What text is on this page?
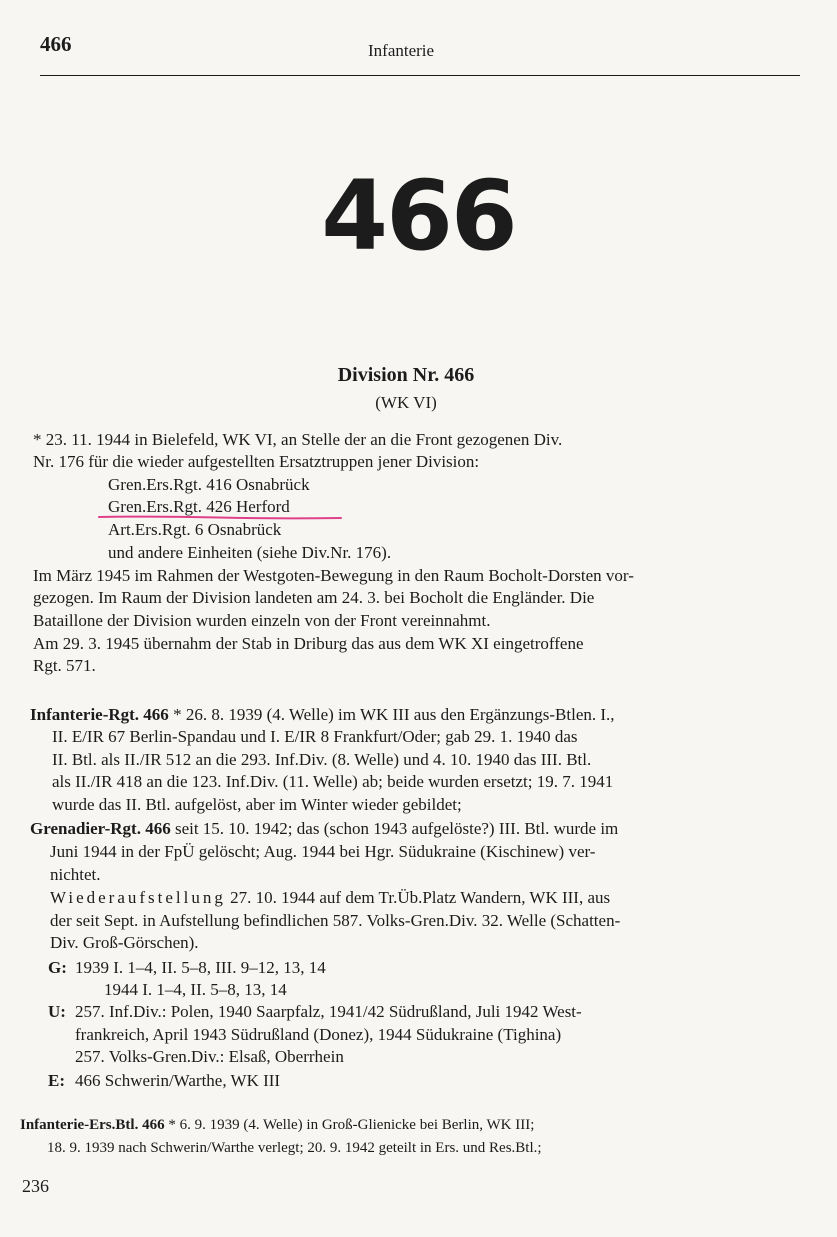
466	Infanterie
466
Division Nr. 466
(WK VI)
* 23. 11. 1944 in Bielefeld, WK VI, an Stelle der an die Front gezogenen Div.
Nr. 176 für die wieder aufgestellten Ersatztruppen jener Division:
Gren.Ers.Rgt. 416 Osnabrück
Gren.Ers.Rgt. 426 Herford
Art.Ers.Rgt. 6 Osnabrück
und andere Einheiten (siehe Div.Nr. 176).
Im März 1945 im Rahmen der Westgoten-Bewegung in den Raum Bocholt-Dorsten vor-
gezogen. Im Raum der Division landeten am 24. 3. bei Bocholt die Engländer. Die
Bataillone der Division wurden einzeln von der Front vereinnahmt.
Am 29. 3. 1945 übernahm der Stab in Driburg das aus dem WK XI eingetroffene
Rgt. 571.
Infanterie-Rgt. 466 * 26. 8. 1939 (4. Welle) im WK III aus den Ergänzungs-Btlen. I.,
II. E/IR 67 Berlin-Spandau und I. E/IR 8 Frankfurt/Oder; gab 29. 1. 1940 das
II. Btl. als II./IR 512 an die 293. Inf.Div. (8. Welle) und 4. 10. 1940 das III. Btl.
als II./IR 418 an die 123. Inf.Div. (11. Welle) ab; beide wurden ersetzt; 19. 7. 1941
wurde das II. Btl. aufgelöst, aber im Winter wieder gebildet;
Grenadier-Rgt. 466 seit 15. 10. 1942; das (schon 1943 aufgelöste?) III. Btl. wurde im
Juni 1944 in der FpÜ gelöscht; Aug. 1944 bei Hgr. Südukraine (Kischinew) ver-
nichtet.
Wiederaufstellung 27. 10. 1944 auf dem Tr.Üb.Platz Wandern, WK III, aus
der seit Sept. in Aufstellung befindlichen 587. Volks-Gren.Div. 32. Welle (Schatten-
Div. Groß-Görschen).
G: 1939 I. 1–4, II. 5–8, III. 9–12, 13, 14
1944 I. 1–4, II. 5–8, 13, 14
U: 257. Inf.Div.: Polen, 1940 Saarpfalz, 1941/42 Südrußland, Juli 1942 West-
frankreich, April 1943 Südrußland (Donez), 1944 Südukraine (Tighina)
257. Volks-Gren.Div.: Elsaß, Oberrhein
E: 466 Schwerin/Warthe, WK III
Infanterie-Ers.Btl. 466 * 6. 9. 1939 (4. Welle) in Groß-Glienicke bei Berlin, WK III;
18. 9. 1939 nach Schwerin/Warthe verlegt; 20. 9. 1942 geteilt in Ers. und Res.Btl.;
236
